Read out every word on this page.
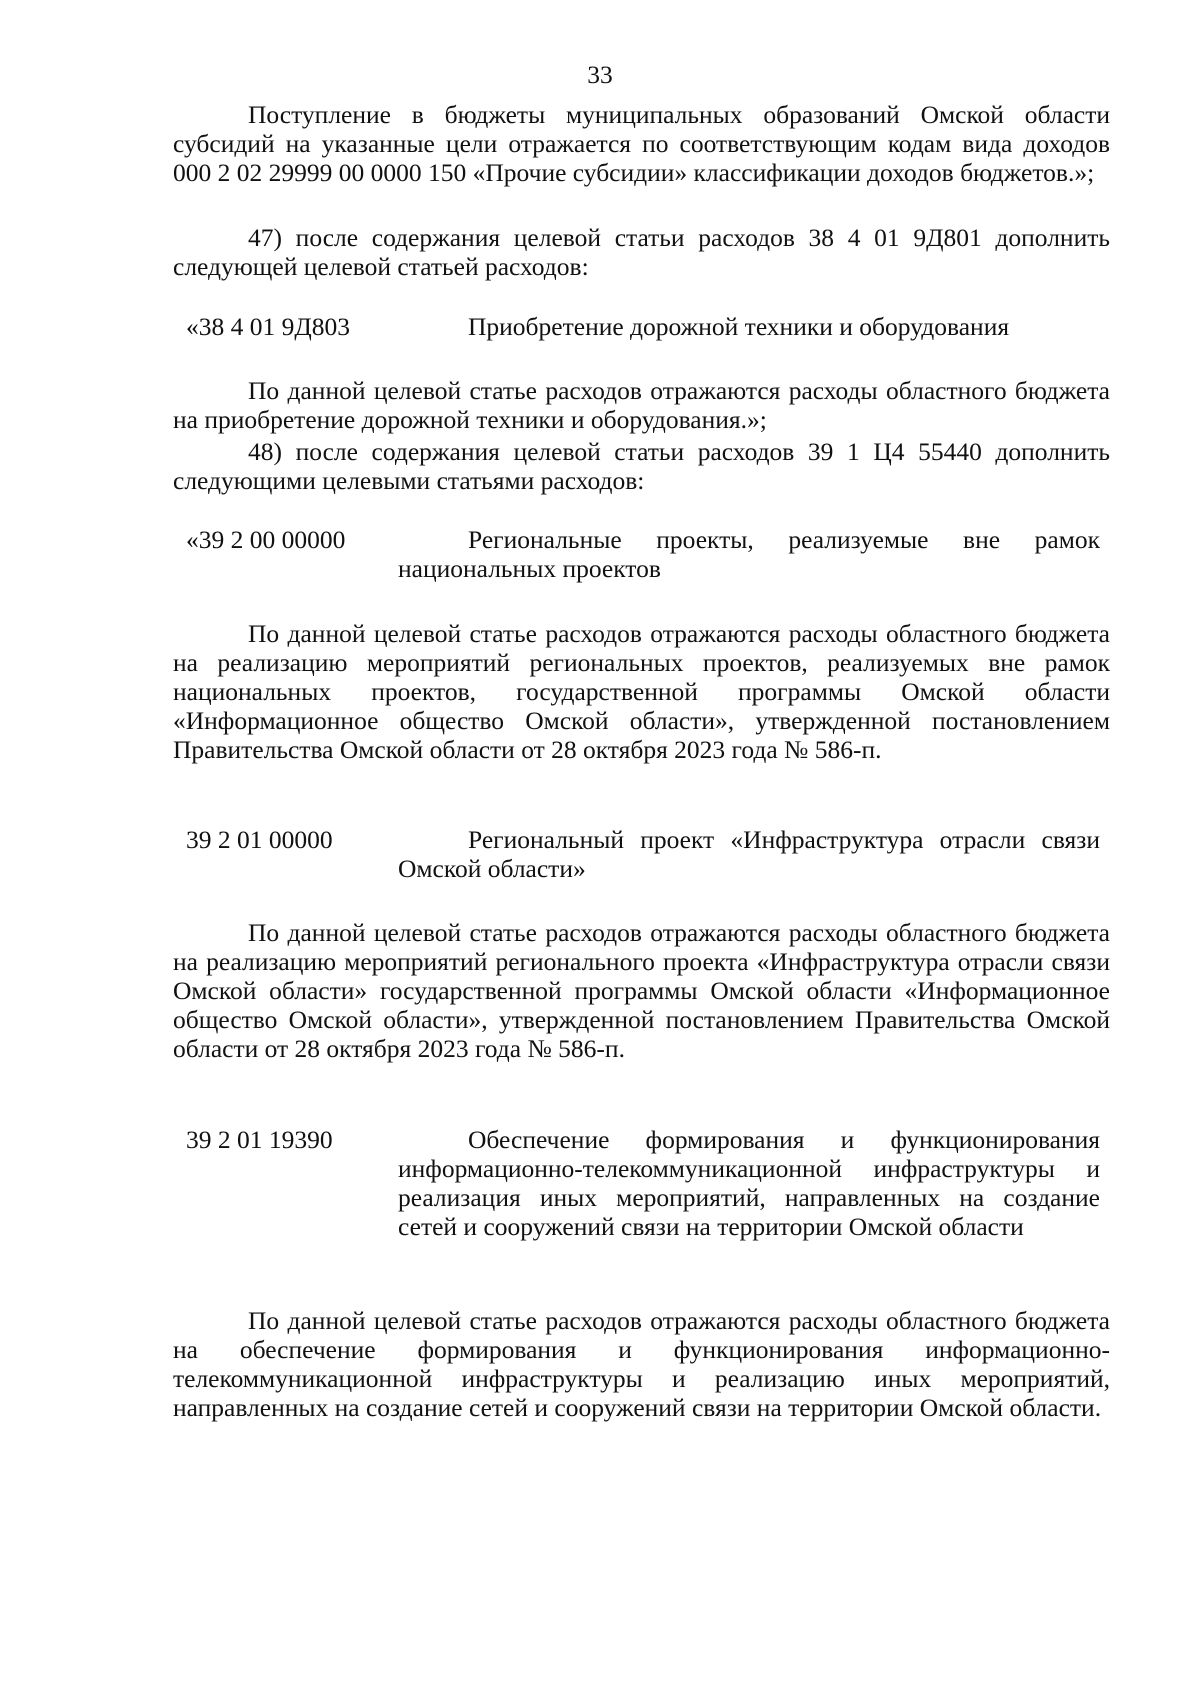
33

Поступление в бюджеты муниципальных образований Омской области субсидий на указанные цели отражается по соответствующим кодам вида доходов 000 2 02 29999 00 0000 150 «Прочие субсидии» классификации доходов бюджетов.»;

47) после содержания целевой статьи расходов 38 4 01 9Д801 дополнить следующей целевой статьей расходов:

«38 4 01 9Д803	Приобретение дорожной техники и оборудования

По данной целевой статье расходов отражаются расходы областного бюджета на приобретение дорожной техники и оборудования.»;

48) после содержания целевой статьи расходов 39 1 Ц4 55440 дополнить следующими целевыми статьями расходов:

«39 2 00 00000	Региональные проекты, реализуемые вне рамок национальных проектов

По данной целевой статье расходов отражаются расходы областного бюджета на реализацию мероприятий региональных проектов, реализуемых вне рамок национальных проектов, государственной программы Омской области «Информационное общество Омской области», утвержденной постановлением Правительства Омской области от 28 октября 2023 года № 586-п.

39 2 01 00000	Региональный проект «Инфраструктура отрасли связи Омской области»

По данной целевой статье расходов отражаются расходы областного бюджета на реализацию мероприятий регионального проекта «Инфраструктура отрасли связи Омской области» государственной программы Омской области «Информационное общество Омской области», утвержденной постановлением Правительства Омской области от 28 октября 2023 года № 586-п.

39 2 01 19390	Обеспечение формирования и функционирования информационно-телекоммуникационной инфраструктуры и реализация иных мероприятий, направленных на создание сетей и сооружений связи на территории Омской области

По данной целевой статье расходов отражаются расходы областного бюджета на обеспечение формирования и функционирования информационно-телекоммуникационной инфраструктуры и реализацию иных мероприятий, направленных на создание сетей и сооружений связи на территории Омской области.
